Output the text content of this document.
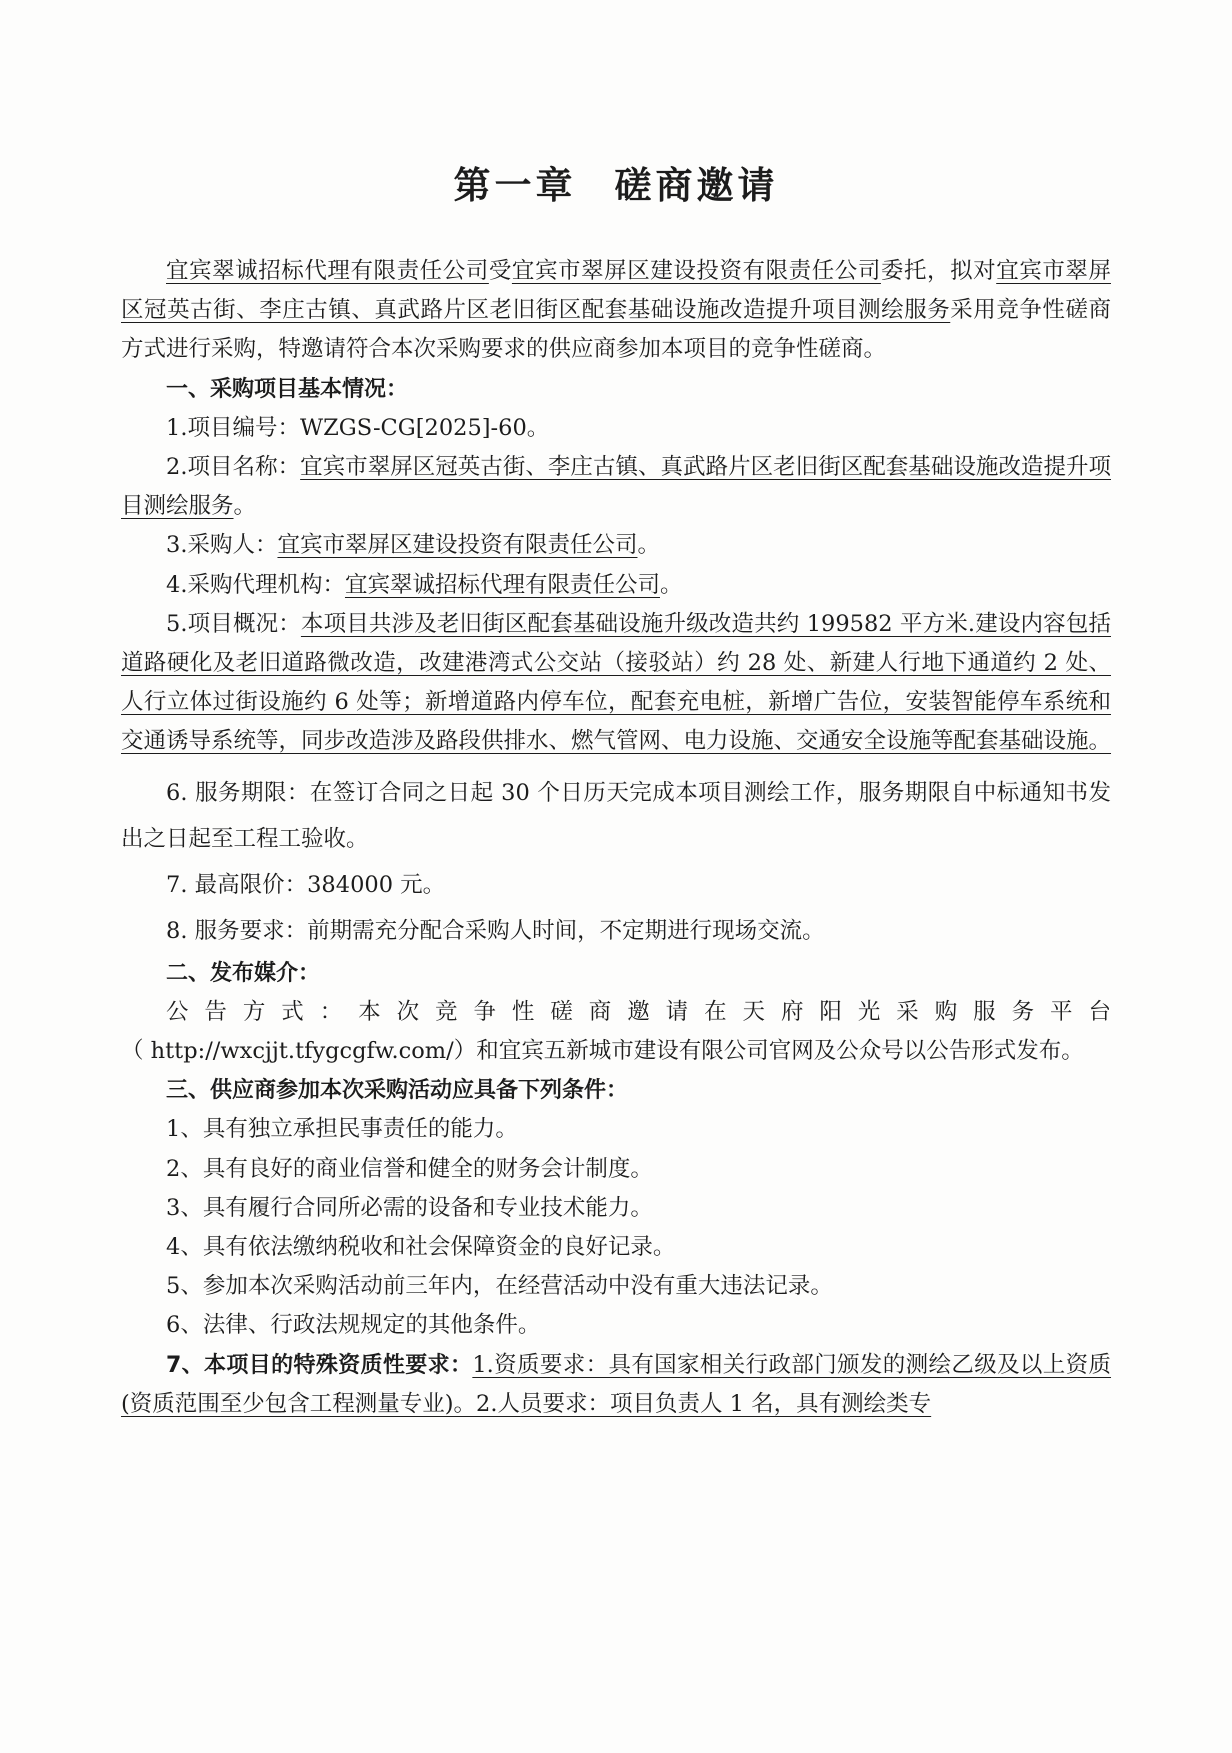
第一章 磋商邀请

宜宾翠诚招标代理有限责任公司受宜宾市翠屏区建设投资有限责任公司委托，拟对宜宾市翠屏区冠英古街、李庄古镇、真武路片区老旧街区配套基础设施改造提升项目测绘服务采用竞争性磋商方式进行采购，特邀请符合本次采购要求的供应商参加本项目的竞争性磋商。

一、采购项目基本情况：

1.项目编号：WZGS-CG[2025]-60。

2.项目名称：宜宾市翠屏区冠英古街、李庄古镇、真武路片区老旧街区配套基础设施改造提升项目测绘服务。

3.采购人：宜宾市翠屏区建设投资有限责任公司。

4.采购代理机构：宜宾翠诚招标代理有限责任公司。

5.项目概况：本项目共涉及老旧街区配套基础设施升级改造共约 199582 平方米.建设内容包括道路硬化及老旧道路微改造，改建港湾式公交站（接驳站）约 28 处、新建人行地下通道约 2 处、人行立体过街设施约 6 处等；新增道路内停车位，配套充电桩，新增广告位，安装智能停车系统和交通诱导系统等，同步改造涉及路段供排水、燃气管网、电力设施、交通安全设施等配套基础设施。

6. 服务期限：在签订合同之日起 30 个日历天完成本项目测绘工作，服务期限自中标通知书发出之日起至工程工验收。

7. 最高限价：384000 元。

8. 服务要求：前期需充分配合采购人时间，不定期进行现场交流。

二、发布媒介：

公告方式：本次竞争性磋商邀请在天府阳光采购服务平台

（ http://wxcjjt.tfygcgfw.com/）和宜宾五新城市建设有限公司官网及公众号以公告形式发布。

三、供应商参加本次采购活动应具备下列条件：

1、具有独立承担民事责任的能力。

2、具有良好的商业信誉和健全的财务会计制度。

3、具有履行合同所必需的设备和专业技术能力。

4、具有依法缴纳税收和社会保障资金的良好记录。

5、参加本次采购活动前三年内，在经营活动中没有重大违法记录。

6、法律、行政法规规定的其他条件。

7、本项目的特殊资质性要求：1.资质要求：具有国家相关行政部门颁发的测绘乙级及以上资质(资质范围至少包含工程测量专业)。2.人员要求：项目负责人 1 名，具有测绘类专
